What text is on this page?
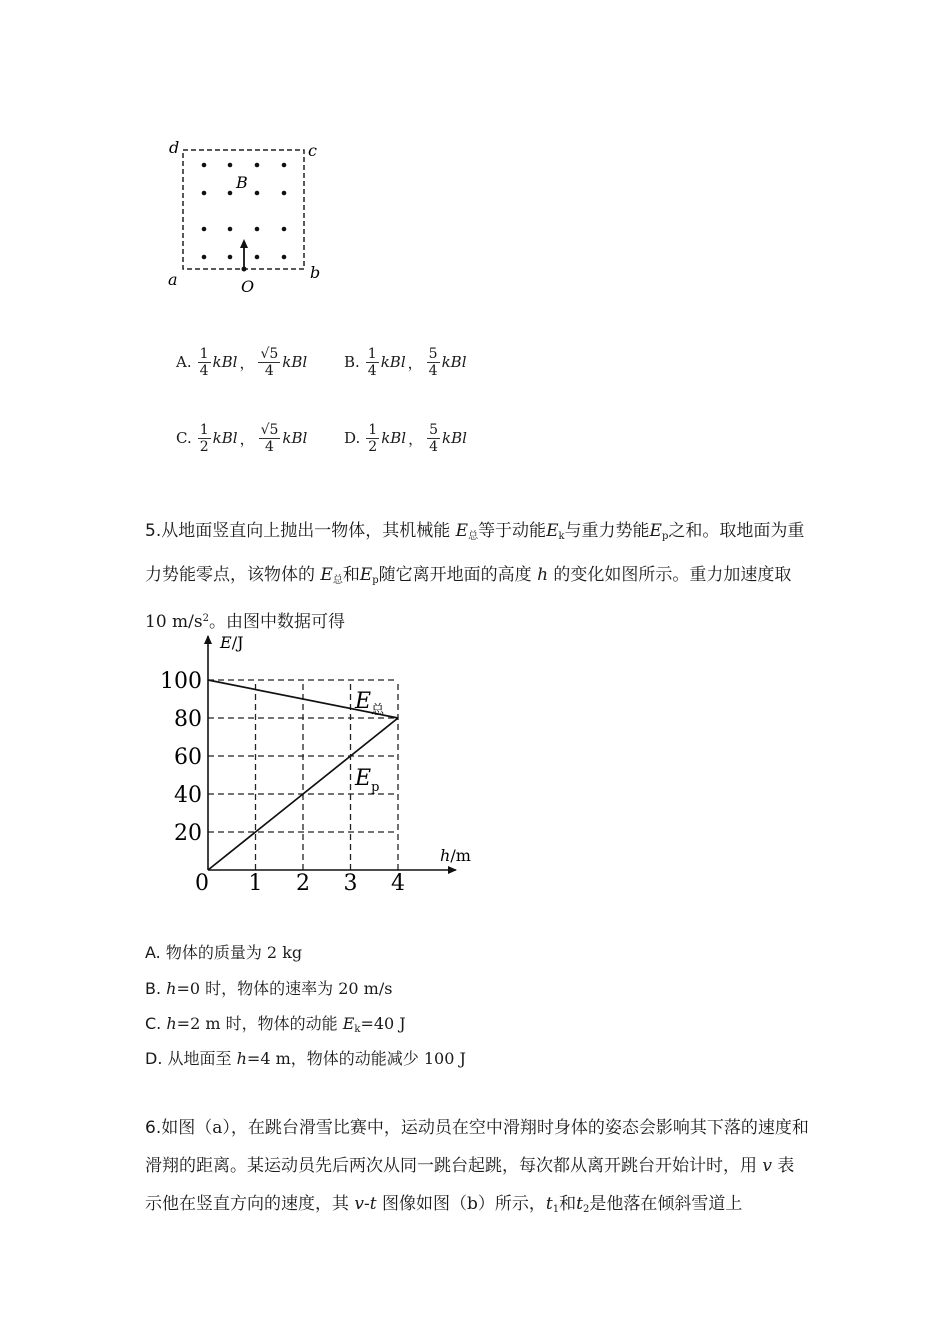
d	c
a	b
B
O
A. $\frac{1}{4}$ kBl ， $\frac{√5}{4}$ kBl B. $\frac{1}{4}$ kBl ， $\frac{5}{4}$ kBl
C. $\frac{1}{2}$ kBl ， $\frac{√5}{4}$ kBl D. $\frac{1}{2}$ kBl ， $\frac{5}{4}$ kBl
5.从地面竖直向上抛出一物体，其机械能 $E_总$等于动能$E_k$与重力势能$E_p$之和。取地面为重力势能零点，该物体的 $E_总$和$E_p$随它离开地面的高度 h 的变化如图所示。重力加速度取 10 $m/s^2$。由图中数据可得
0 1 2 3 4
20
40
60
80
100
$E_总$
$E_p$
E/J
h/m
A. 物体的质量为 2 kg
B. h=0 时，物体的速率为 20 m/s
C. h=2 m 时，物体的动能 $E_k=40$ J
D. 从地面至 h=4 m，物体的动能减少 100 J
6.如图（a），在跳台滑雪比赛中，运动员在空中滑翔时身体的姿态会影响其下落的速度和滑翔的距离。某运动员先后两次从同一跳台起跳，每次都从离开跳台开始计时，用 v 表示他在竖直方向的速度，其 v-t 图像如图（b）所示，$t_1$和$t_2$是他落在倾斜雪道上
